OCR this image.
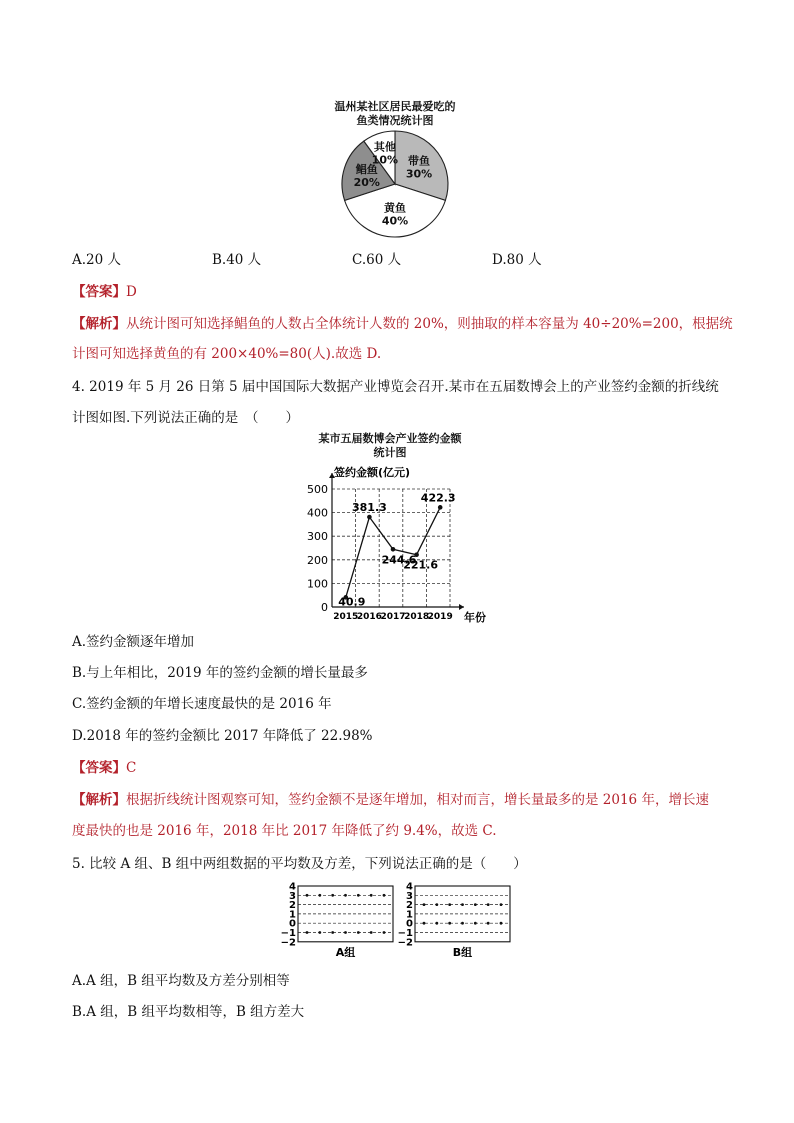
温州某社区居民最爱吃的
鱼类情况统计图
带鱼
30%
黄鱼
40%
鲳鱼
20%
其他
10%
A.20 人	B.40 人	C.60 人	D.80 人
【答案】D
【解析】从统计图可知选择鲳鱼的人数占全体统计人数的 20%，则抽取的样本容量为 40÷20%=200，根据统
计图可知选择黄鱼的有 200×40%=80(人).故选 D.
4. 2019 年 5 月 26 日第 5 届中国国际大数据产业博览会召开.某市在五届数博会上的产业签约金额的折线统
计图如图.下列说法正确的是　（　　）
某市五届数博会产业签约金额
统计图
0
100
200
300
400
500
2015
2016
2017
2018
2019
签约金额(亿元)
年份
40.9
381.3
244.6
221.6
422.3
A.签约金额逐年增加
B.与上年相比，2019 年的签约金额的增长量最多
C.签约金额的年增长速度最快的是 2016 年
D.2018 年的签约金额比 2017 年降低了 22.98%
【答案】C
【解析】根据折线统计图观察可知，签约金额不是逐年增加，相对而言，增长量最多的是 2016 年，增长速
度最快的也是 2016 年，2018 年比 2017 年降低了约 9.4%，故选 C.
5. 比较 A 组、B 组中两组数据的平均数及方差，下列说法正确的是（　　）
4
3
2
1
0
−1
−2
A组
4
3
2
1
0
−1
−2
B组
A.A 组，B 组平均数及方差分别相等
B.A 组，B 组平均数相等，B 组方差大
